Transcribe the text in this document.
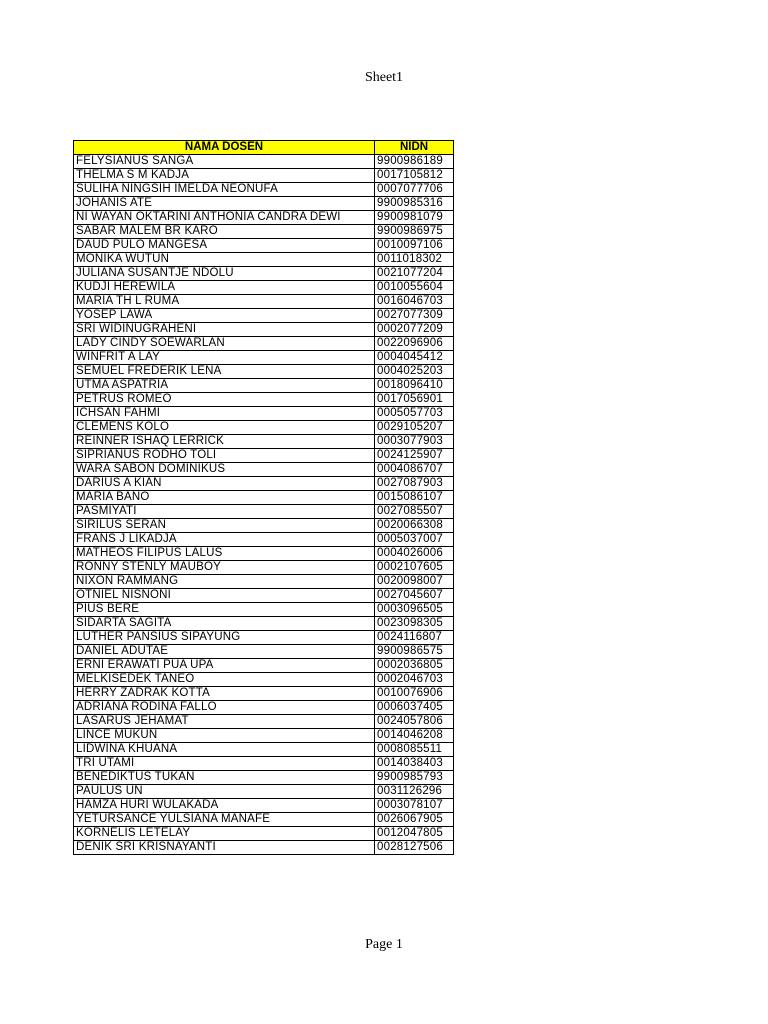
Sheet1
NAMA DOSEN	NIDN
FELYSIANUS SANGA	9900986189
THELMA S M KADJA	0017105812
SULIHA NINGSIH IMELDA NEONUFA	0007077706
JOHANIS ATE	9900985316
NI WAYAN OKTARINI ANTHONIA CANDRA DEWI	9900981079
SABAR MALEM BR KARO	9900986975
DAUD PULO MANGESA	0010097106
MONIKA WUTUN	0011018302
JULIANA SUSANTJE NDOLU	0021077204
KUDJI HEREWILA	0010055604
MARIA TH L RUMA	0016046703
YOSEP LAWA	0027077309
SRI WIDINUGRAHENI	0002077209
LADY CINDY SOEWARLAN	0022096906
WINFRIT A LAY	0004045412
SEMUEL FREDERIK LENA	0004025203
UTMA ASPATRIA	0018096410
PETRUS ROMEO	0017056901
ICHSAN FAHMI	0005057703
CLEMENS KOLO	0029105207
REINNER ISHAQ LERRICK	0003077903
SIPRIANUS RODHO TOLI	0024125907
WARA SABON DOMINIKUS	0004086707
DARIUS A KIAN	0027087903
MARIA BANO	0015086107
PASMIYATI	0027085507
SIRILUS SERAN	0020066308
FRANS J LIKADJA	0005037007
MATHEOS FILIPUS LALUS	0004026006
RONNY STENLY MAUBOY	0002107605
NIXON RAMMANG	0020098007
OTNIEL NISNONI	0027045607
PIUS BERE	0003096505
SIDARTA SAGITA	0023098305
LUTHER PANSIUS SIPAYUNG	0024116807
DANIEL ADUTAE	9900986575
ERNI ERAWATI PUA UPA	0002036805
MELKISEDEK TANEO	0002046703
HERRY ZADRAK KOTTA	0010076906
ADRIANA RODINA FALLO	0006037405
LASARUS JEHAMAT	0024057806
LINCE MUKUN	0014046208
LIDWINA KHUANA	0008085511
TRI UTAMI	0014038403
BENEDIKTUS TUKAN	9900985793
PAULUS UN	0031126296
HAMZA HURI WULAKADA	0003078107
YETURSANCE YULSIANA MANAFE	0026067905
KORNELIS LETELAY	0012047805
DENIK SRI KRISNAYANTI	0028127506
Page 1
